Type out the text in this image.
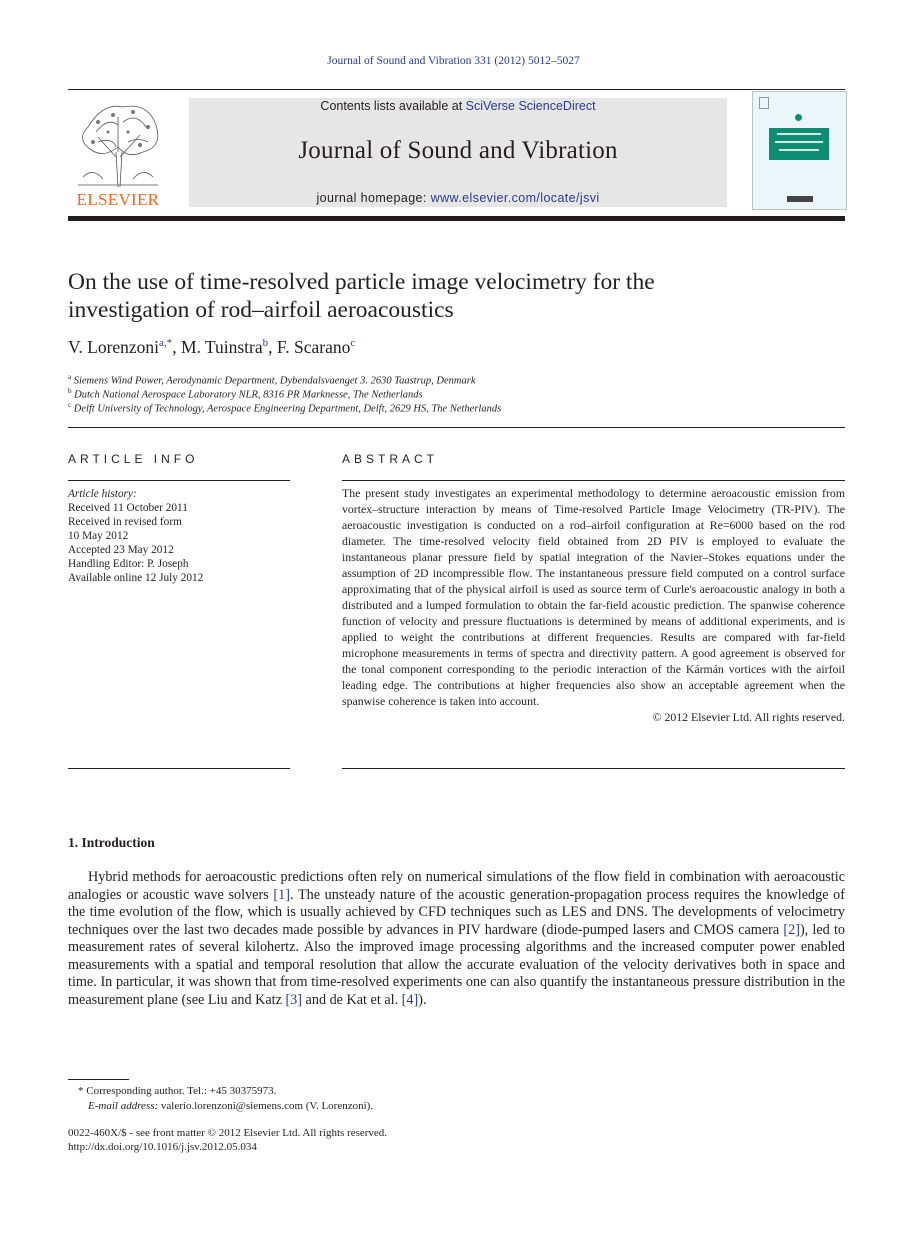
Journal of Sound and Vibration 331 (2012) 5012–5027
ELSEVIER
Contents lists available at SciVerse ScienceDirect
Journal of Sound and Vibration
journal homepage: www.elsevier.com/locate/jsvi
On the use of time-resolved particle image velocimetry for the
investigation of rod–airfoil aeroacoustics
V. Lorenzoni$^{a,*}$, M. Tuinstra$^b$, F. Scarano$^c$
$^a$ Siemens Wind Power, Aerodynamic Department, Dybendalsvaenget 3. 2630 Taastrup, Denmark
$^b$ Dutch National Aerospace Laboratory NLR, 8316 PR Marknesse, The Netherlands
$^c$ Delft University of Technology, Aerospace Engineering Department, Delft, 2629 HS, The Netherlands
ARTICLE INFO
Article history:
Received 11 October 2011
Received in revised form
10 May 2012
Accepted 23 May 2012
Handling Editor: P. Joseph
Available online 12 July 2012
ABSTRACT
The present study investigates an experimental methodology to determine aeroacoustic emission from vortex–structure interaction by means of Time-resolved Particle Image Velocimetry (TR-PIV). The aeroacoustic investigation is conducted on a rod–airfoil configuration at Re=6000 based on the rod diameter. The time-resolved velocity field obtained from 2D PIV is employed to evaluate the instantaneous planar pressure field by spatial integration of the Navier–Stokes equations under the assumption of 2D incompressible flow. The instantaneous pressure field computed on a control surface approximating that of the physical airfoil is used as source term of Curle's aeroacoustic analogy in both a distributed and a lumped formulation to obtain the far-field acoustic prediction. The spanwise coherence function of velocity and pressure fluctuations is determined by means of additional experiments, and is applied to weight the contributions at different frequencies. Results are compared with far-field microphone measurements in terms of spectra and directivity pattern. A good agreement is observed for the tonal component corresponding to the periodic interaction of the Kármán vortices with the airfoil leading edge. The contributions at higher frequencies also show an acceptable agreement when the spanwise coherence is taken into account.
© 2012 Elsevier Ltd. All rights reserved.
1. Introduction
Hybrid methods for aeroacoustic predictions often rely on numerical simulations of the flow field in combination with aeroacoustic analogies or acoustic wave solvers [1]. The unsteady nature of the acoustic generation-propagation process requires the knowledge of the time evolution of the flow, which is usually achieved by CFD techniques such as LES and DNS. The developments of velocimetry techniques over the last two decades made possible by advances in PIV hardware (diode-pumped lasers and CMOS camera [2]), led to measurement rates of several kilohertz. Also the improved image processing algorithms and the increased computer power enabled measurements with a spatial and temporal resolution that allow the accurate evaluation of the velocity derivatives both in space and time. In particular, it was shown that from time-resolved experiments one can also quantify the instantaneous pressure distribution in the measurement plane (see Liu and Katz [3] and de Kat et al. [4]).
* Corresponding author. Tel.: +45 30375973.
E-mail address: valerio.lorenzoni@siemens.com (V. Lorenzoni).
0022-460X/$ - see front matter © 2012 Elsevier Ltd. All rights reserved.
http://dx.doi.org/10.1016/j.jsv.2012.05.034
